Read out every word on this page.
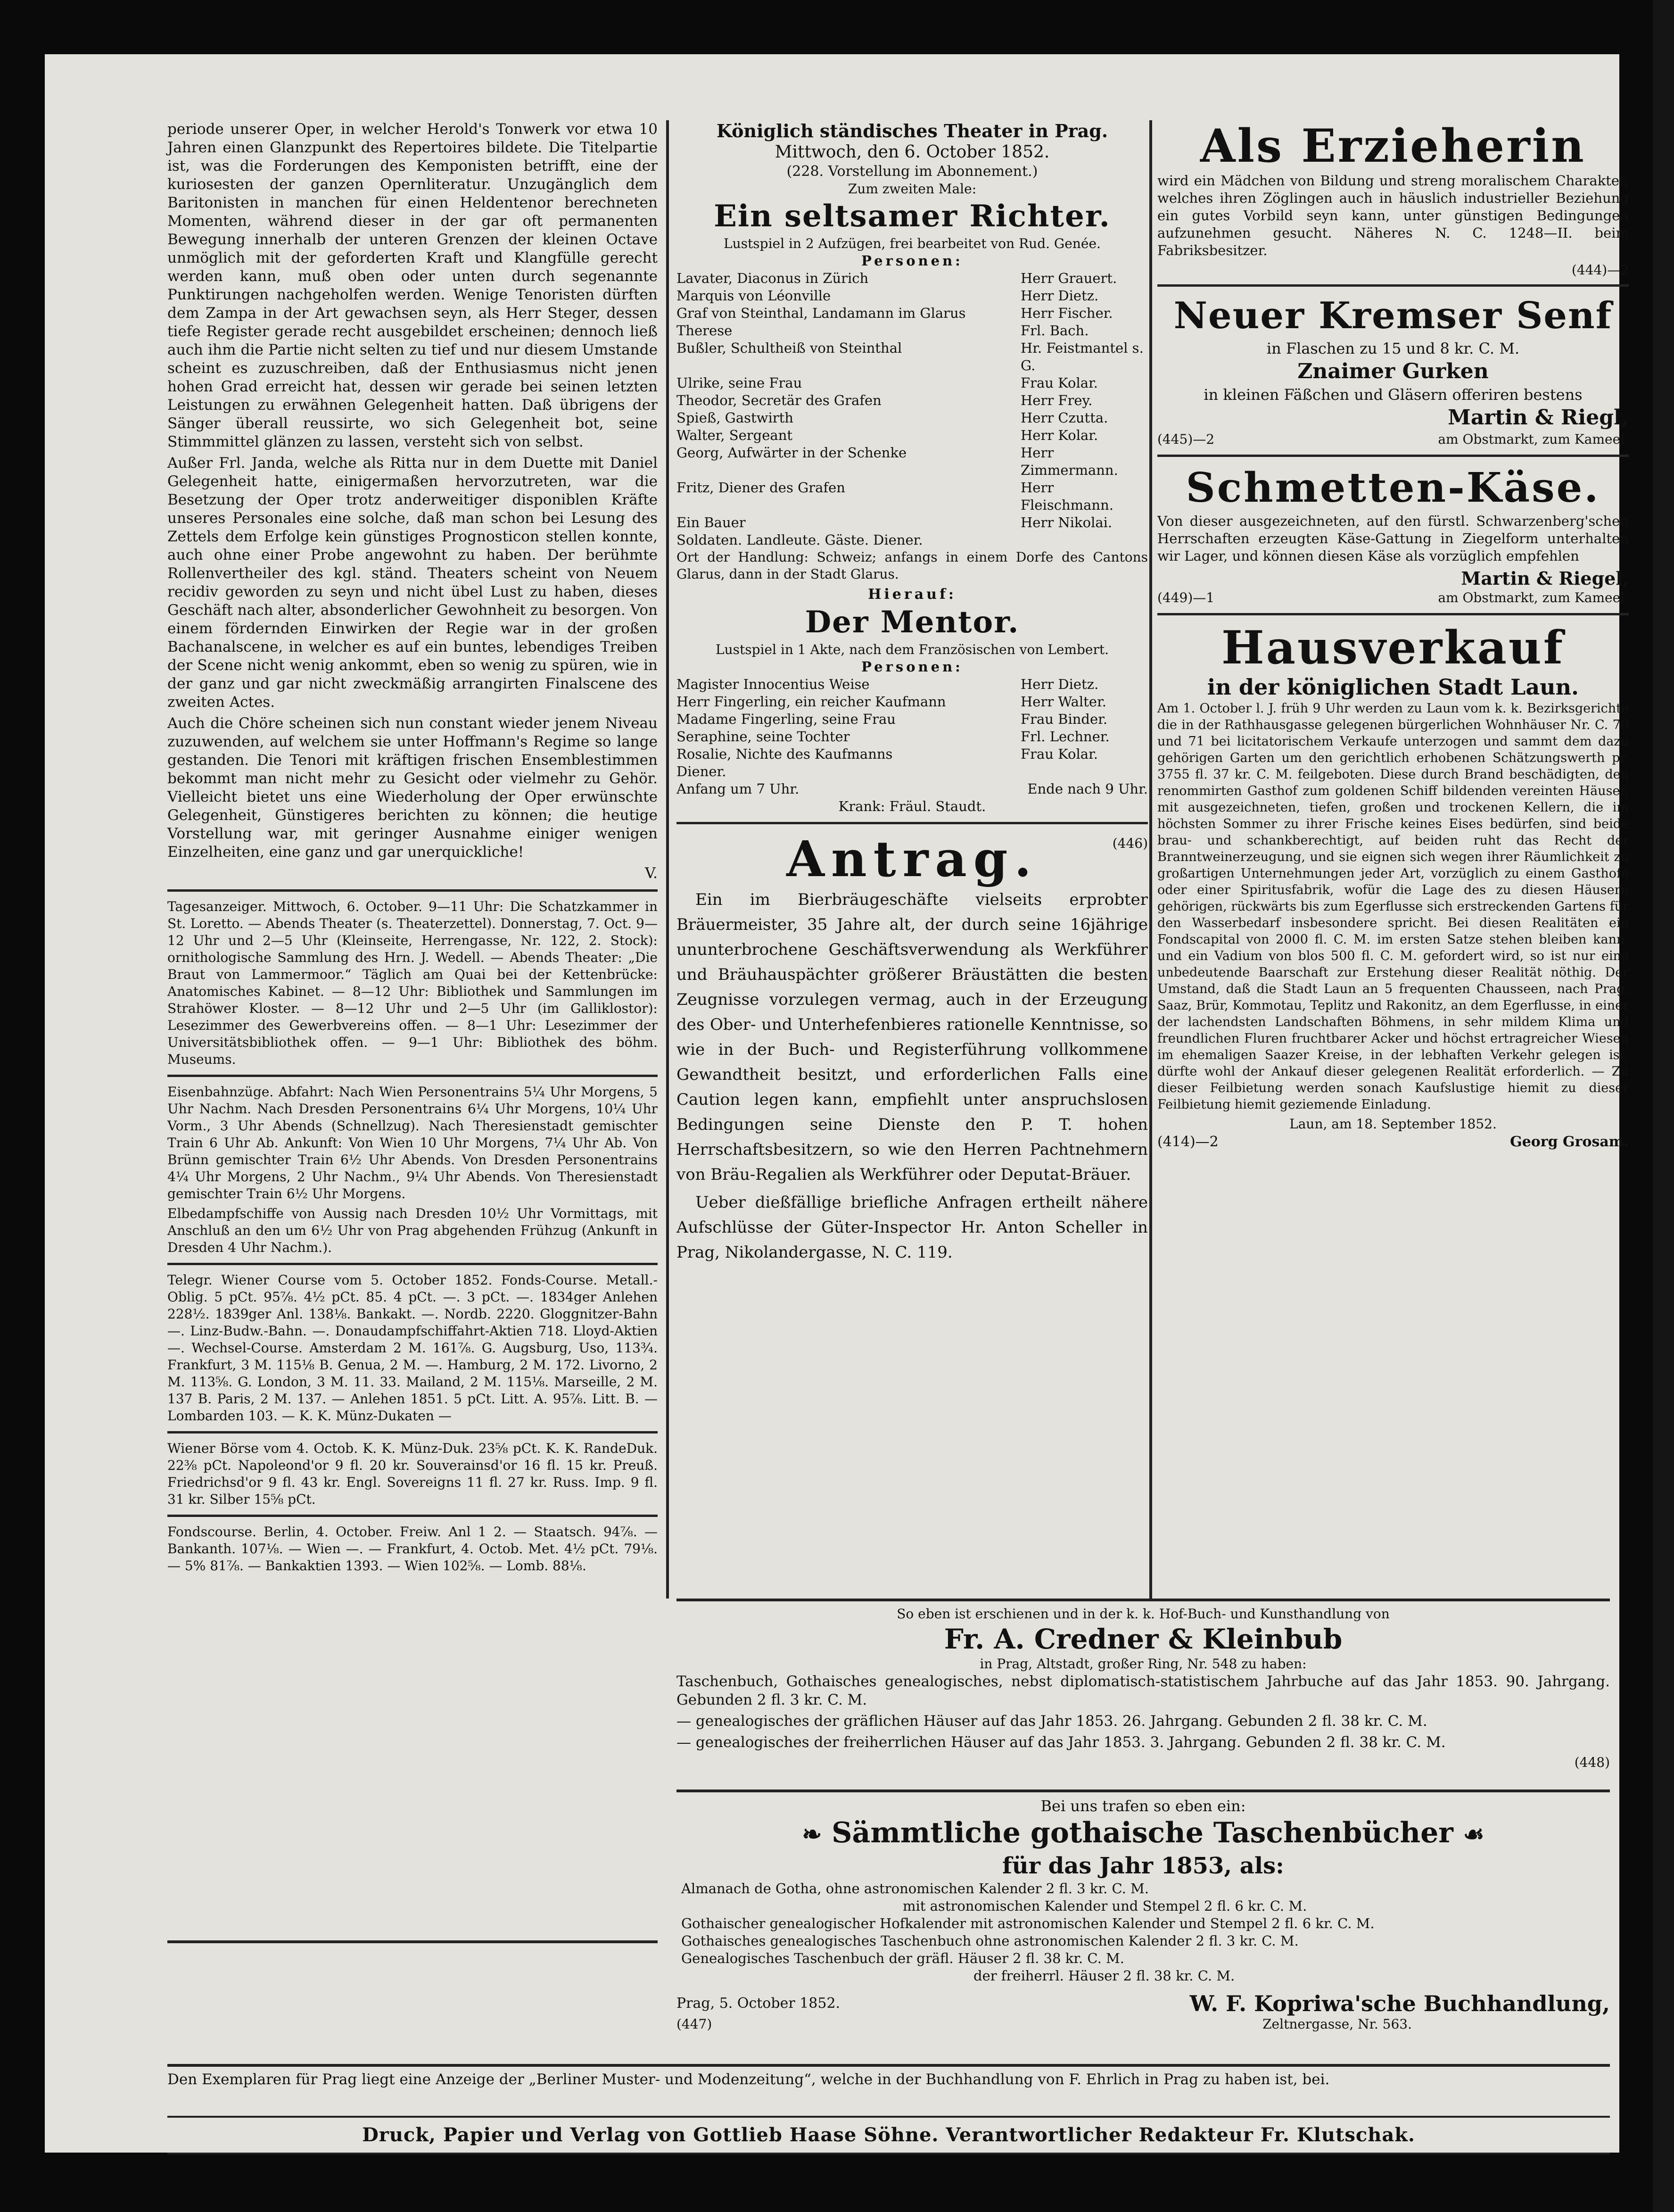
periode unserer Oper, in welcher Herold's Tonwerk vor etwa 10 Jahren einen Glanzpunkt des Repertoires bildete. Die Titelpartie ist, was die Forderungen des Kemponisten betrifft, eine der kuriosesten der ganzen Opernliteratur. Unzugänglich dem Baritonisten in manchen für einen Heldentenor berechneten Momenten, während dieser in der gar oft permanenten Bewegung innerhalb der unteren Grenzen der kleinen Octave unmöglich mit der geforderten Kraft und Klangfülle gerecht werden kann, muß oben oder unten durch segenannte Punktirungen nachgeholfen werden. Wenige Tenoristen dürften dem Zampa in der Art gewachsen seyn, als Herr Steger, dessen tiefe Register gerade recht ausgebildet erscheinen; dennoch ließ auch ihm die Partie nicht selten zu tief und nur diesem Umstande scheint es zuzuschreiben, daß der Enthusiasmus nicht jenen hohen Grad erreicht hat, dessen wir gerade bei seinen letzten Leistungen zu erwähnen Gelegenheit hatten. Daß übrigens der Sänger überall reussirte, wo sich Gelegenheit bot, seine Stimmmittel glänzen zu lassen, versteht sich von selbst.

Außer Frl. Janda, welche als Ritta nur in dem Duette mit Daniel Gelegenheit hatte, einigermaßen hervorzutreten, war die Besetzung der Oper trotz anderweitiger disponiblen Kräfte unseres Personales eine solche, daß man schon bei Lesung des Zettels dem Erfolge kein günstiges Prognosticon stellen konnte, auch ohne einer Probe angewohnt zu haben. Der berühmte Rollenvertheiler des kgl. ständ. Theaters scheint von Neuem recidiv geworden zu seyn und nicht übel Lust zu haben, dieses Geschäft nach alter, absonderlicher Gewohnheit zu besorgen. Von einem fördernden Einwirken der Regie war in der großen Bachanalscene, in welcher es auf ein buntes, lebendiges Treiben der Scene nicht wenig ankommt, eben so wenig zu spüren, wie in der ganz und gar nicht zweckmäßig arrangirten Finalscene des zweiten Actes.

Auch die Chöre scheinen sich nun constant wieder jenem Niveau zuzuwenden, auf welchem sie unter Hoffmann's Regime so lange gestanden. Die Tenori mit kräftigen frischen Ensemblestimmen bekommt man nicht mehr zu Gesicht oder vielmehr zu Gehör. Vielleicht bietet uns eine Wiederholung der Oper erwünschte Gelegenheit, Günstigeres berichten zu können; die heutige Vorstellung war, mit geringer Ausnahme einiger wenigen Einzelheiten, eine ganz und gar unerquickliche!

V.

Tagesanzeiger. Mittwoch, 6. October. 9—11 Uhr: Die Schatzkammer in St. Loretto. — Abends Theater (s. Theaterzettel). Donnerstag, 7. Oct. 9—12 Uhr und 2—5 Uhr (Kleinseite, Herrengasse, Nr. 122, 2. Stock): ornithologische Sammlung des Hrn. J. Wedell. — Abends Theater: „Die Braut von Lammermoor.“ Täglich am Quai bei der Kettenbrücke: Anatomisches Kabinet. — 8—12 Uhr: Bibliothek und Sammlungen im Strahöwer Kloster. — 8—12 Uhr und 2—5 Uhr (im Galliklostor): Lesezimmer des Gewerbvereins offen. — 8—1 Uhr: Lesezimmer der Universitätsbibliothek offen. — 9—1 Uhr: Bibliothek des böhm. Museums.

Eisenbahnzüge. Abfahrt: Nach Wien Personentrains 5¼ Uhr Morgens, 5 Uhr Nachm. Nach Dresden Personentrains 6¼ Uhr Morgens, 10¼ Uhr Vorm., 3 Uhr Abends (Schnellzug). Nach Theresienstadt gemischter Train 6 Uhr Ab. Ankunft: Von Wien 10 Uhr Morgens, 7¼ Uhr Ab. Von Brünn gemischter Train 6½ Uhr Abends. Von Dresden Personentrains 4¼ Uhr Morgens, 2 Uhr Nachm., 9¼ Uhr Abends. Von Theresienstadt gemischter Train 6½ Uhr Morgens.

Elbedampfschiffe von Aussig nach Dresden 10½ Uhr Vormittags, mit Anschluß an den um 6½ Uhr von Prag abgehenden Frühzug (Ankunft in Dresden 4 Uhr Nachm.).

Telegr. Wiener Course vom 5. October 1852. Fonds-Course. Metall.-Oblig. 5 pCt. 95⅞. 4½ pCt. 85. 4 pCt. —. 3 pCt. —. 1834ger Anlehen 228½. 1839ger Anl. 138⅛. Bankakt. —. Nordb. 2220. Gloggnitzer-Bahn —. Linz-Budw.-Bahn. —. Donaudampfschiffahrt-Aktien 718. Lloyd-Aktien —. Wechsel-Course. Amsterdam 2 M. 161⅞. G. Augsburg, Uso, 113¾. Frankfurt, 3 M. 115⅛ B. Genua, 2 M. —. Hamburg, 2 M. 172. Livorno, 2 M. 113⅝. G. London, 3 M. 11. 33. Mailand, 2 M. 115⅛. Marseille, 2 M. 137 B. Paris, 2 M. 137. — Anlehen 1851. 5 pCt. Litt. A. 95⅞. Litt. B. — Lombarden 103. — K. K. Münz-Dukaten —

Wiener Börse vom 4. Octob. K. K. Münz-Duk. 23⅝ pCt. K. K. RandeDuk. 22⅜ pCt. Napoleond'or 9 fl. 20 kr. Souverainsd'or 16 fl. 15 kr. Preuß. Friedrichsd'or 9 fl. 43 kr. Engl. Sovereigns 11 fl. 27 kr. Russ. Imp. 9 fl. 31 kr. Silber 15⅝ pCt.

Fondscourse. Berlin, 4. October. Freiw. Anl 1 2. — Staatsch. 94⅞. — Bankanth. 107⅛. — Wien —. — Frankfurt, 4. Octob. Met. 4½ pCt. 79⅛. — 5% 81⅞. — Bankaktien 1393. — Wien 102⅝. — Lomb. 88⅛.

Königlich ständisches Theater in Prag.
Mittwoch, den 6. October 1852.
(228. Vorstellung im Abonnement.)
Zum zweiten Male:
Ein seltsamer Richter.
Lustspiel in 2 Aufzügen, frei bearbeitet von Rud. Genée.
Personen:
Lavater, Diaconus in Zürich	Herr Grauert.
Marquis von Léonville	Herr Dietz.
Graf von Steinthal, Landamann im Glarus	Herr Fischer.
Therese	Frl. Bach.
Bußler, Schultheiß von Steinthal	Hr. Feistmantel s. G.
Ulrike, seine Frau	Frau Kolar.
Theodor, Secretär des Grafen	Herr Frey.
Spieß, Gastwirth	Herr Czutta.
Walter, Sergeant	Herr Kolar.
Georg, Aufwärter in der Schenke	Herr Zimmermann.
Fritz, Diener des Grafen	Herr Fleischmann.
Ein Bauer	Herr Nikolai.
Soldaten. Landleute. Gäste. Diener.

Ort der Handlung: Schweiz; anfangs in einem Dorfe des Cantons Glarus, dann in der Stadt Glarus.

Hierauf:
Der Mentor.
Lustspiel in 1 Akte, nach dem Französischen von Lembert.
Personen:
Magister Innocentius Weise	Herr Dietz.
Herr Fingerling, ein reicher Kaufmann	Herr Walter.
Madame Fingerling, seine Frau	Frau Binder.
Seraphine, seine Tochter	Frl. Lechner.
Rosalie, Nichte des Kaufmanns	Frau Kolar.
Diener.
Anfang um 7 Uhr.	Ende nach 9 Uhr.
Krank: Fräul. Staudt.
Antrag.	(446)

Ein im Bierbräugeschäfte vielseits erprobter Bräuermeister, 35 Jahre alt, der durch seine 16jährige ununterbrochene Geschäftsverwendung als Werkführer und Bräuhauspächter größerer Bräustätten die besten Zeugnisse vorzulegen vermag, auch in der Erzeugung des Ober- und Unterhefenbieres rationelle Kenntnisse, so wie in der Buch- und Registerführung vollkommene Gewandtheit besitzt, und erforderlichen Falls eine Caution legen kann, empfiehlt unter anspruchslosen Bedingungen seine Dienste den P. T. hohen Herrschaftsbesitzern, so wie den Herren Pachtnehmern von Bräu-Regalien als Werkführer oder Deputat-Bräuer.

Ueber dießfällige briefliche Anfragen ertheilt nähere Aufschlüsse der Güter-Inspector Hr. Anton Scheller in Prag, Nikolandergasse, N. C. 119.

Als Erzieherin

wird ein Mädchen von Bildung und streng moralischem Charakter, welches ihren Zöglingen auch in häuslich industrieller Beziehung ein gutes Vorbild seyn kann, unter günstigen Bedingungen aufzunehmen gesucht. Näheres N. C. 1248—II. beim Fabriksbesitzer.

(444)—2
Neuer Kremser Senf
in Flaschen zu 15 und 8 kr. C. M.
Znaimer Gurken
in kleinen Fäßchen und Gläsern offeriren bestens
Martin & Riegl,
(445)—2	am Obstmarkt, zum Kameel.
Schmetten-Käse.

Von dieser ausgezeichneten, auf den fürstl. Schwarzenberg'schen Herrschaften erzeugten Käse-Gattung in Ziegelform unterhalten wir Lager, und können diesen Käse als vorzüglich empfehlen

Martin & Riegel,
(449)—1	am Obstmarkt, zum Kameel.
Hausverkauf
in der königlichen Stadt Laun.

Am 1. October l. J. früh 9 Uhr werden zu Laun vom k. k. Bezirksgerichte die in der Rathhausgasse gelegenen bürgerlichen Wohnhäuser Nr. C. 70 und 71 bei licitatorischem Verkaufe unterzogen und sammt dem dazu gehörigen Garten um den gerichtlich erhobenen Schätzungswerth pr. 3755 fl. 37 kr. C. M. feilgeboten. Diese durch Brand beschädigten, den renommirten Gasthof zum goldenen Schiff bildenden vereinten Häuser, mit ausgezeichneten, tiefen, großen und trockenen Kellern, die im höchsten Sommer zu ihrer Frische keines Eises bedürfen, sind beide brau- und schankberechtigt, auf beiden ruht das Recht der Branntweinerzeugung, und sie eignen sich wegen ihrer Räumlichkeit zu großartigen Unternehmungen jeder Art, vorzüglich zu einem Gasthofe oder einer Spiritusfabrik, wofür die Lage des zu diesen Häusern gehörigen, rückwärts bis zum Egerflusse sich erstreckenden Gartens für den Wasserbedarf insbesondere spricht. Bei diesen Realitäten ein Fondscapital von 2000 fl. C. M. im ersten Satze stehen bleiben kann, und ein Vadium von blos 500 fl. C. M. gefordert wird, so ist nur eine unbedeutende Baarschaft zur Erstehung dieser Realität nöthig. Der Umstand, daß die Stadt Laun an 5 frequenten Chausseen, nach Prag, Saaz, Brür, Kommotau, Teplitz und Rakonitz, an dem Egerflusse, in einer der lachendsten Landschaften Böhmens, in sehr mildem Klima und freundlichen Fluren fruchtbarer Acker und höchst ertragreicher Wiesen im ehemaligen Saazer Kreise, in der lebhaften Verkehr gelegen ist, dürfte wohl der Ankauf dieser gelegenen Realität erforderlich. — Zu dieser Feilbietung werden sonach Kaufslustige hiemit zu dieser Feilbietung hiemit geziemende Einladung.

Laun, am 18. September 1852.
(414)—2	Georg Grosam.
So eben ist erschienen und in der k. k. Hof-Buch- und Kunsthandlung von
Fr. A. Credner & Kleinbub
in Prag, Altstadt, großer Ring, Nr. 548 zu haben:

Taschenbuch, Gothaisches genealogisches, nebst diplomatisch-statistischem Jahrbuche auf das Jahr 1853. 90. Jahrgang. Gebunden 2 fl. 3 kr. C. M.

— genealogisches der gräflichen Häuser auf das Jahr 1853. 26. Jahrgang. Gebunden 2 fl. 38 kr. C. M.

— genealogisches der freiherrlichen Häuser auf das Jahr 1853. 3. Jahrgang. Gebunden 2 fl. 38 kr. C. M.

(448)
Bei uns trafen so eben ein:
❧ Sämmtliche gothaische Taschenbücher ☙
für das Jahr 1853, als:
Almanach de Gotha, ohne astronomischen Kalender 2 fl. 3 kr. C. M.
mit astronomischen Kalender und Stempel 2 fl. 6 kr. C. M.
Gothaischer genealogischer Hofkalender mit astronomischen Kalender und Stempel 2 fl. 6 kr. C. M.
Gothaisches genealogisches Taschenbuch ohne astronomischen Kalender 2 fl. 3 kr. C. M.
Genealogisches Taschenbuch der gräfl. Häuser 2 fl. 38 kr. C. M.
der freiherrl. Häuser 2 fl. 38 kr. C. M.
Prag, 5. October 1852.	W. F. Kopriwa'sche Buchhandlung,
(447)	Zeltnergasse, Nr. 563.

Den Exemplaren für Prag liegt eine Anzeige der „Berliner Muster- und Modenzeitung“, welche in der Buchhandlung von F. Ehrlich in Prag zu haben ist, bei.

Druck, Papier und Verlag von Gottlieb Haase Söhne. Verantwortlicher Redakteur Fr. Klutschak.
